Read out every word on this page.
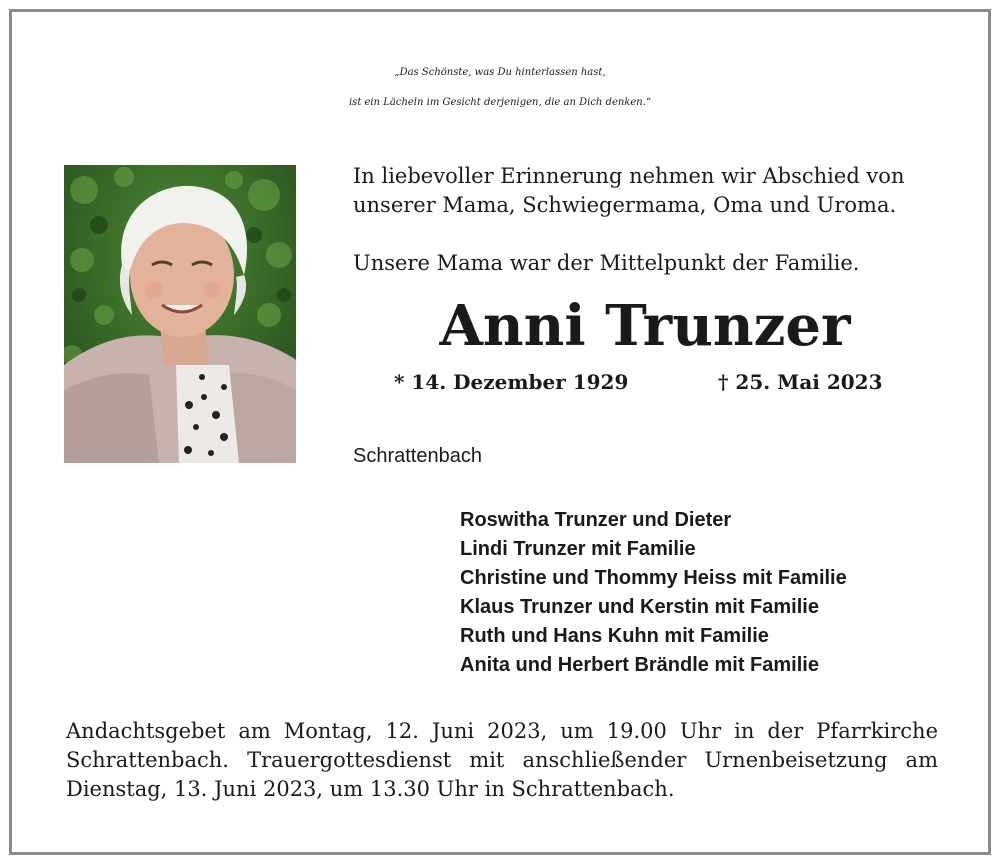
„Das Schönste, was Du hinterlassen hast,
ist ein Lächeln im Gesicht derjenigen, die an Dich denken.“
In liebevoller Erinnerung nehmen wir Abschied von
unserer Mama, Schwiegermama, Oma und Uroma.
Unsere Mama war der Mittelpunkt der Familie.
Anni Trunzer
* 14. Dezember 1929	† 25. Mai 2023
Schrattenbach
Roswitha Trunzer und Dieter
Lindi Trunzer mit Familie
Christine und Thommy Heiss mit Familie
Klaus Trunzer und Kerstin mit Familie
Ruth und Hans Kuhn mit Familie
Anita und Herbert Brändle mit Familie
Andachtsgebet am Montag, 12. Juni 2023, um 19.00 Uhr in der Pfarrkirche
Schrattenbach. Trauergottesdienst mit anschließender Urnenbeisetzung am
Dienstag, 13. Juni 2023, um 13.30 Uhr in Schrattenbach.
